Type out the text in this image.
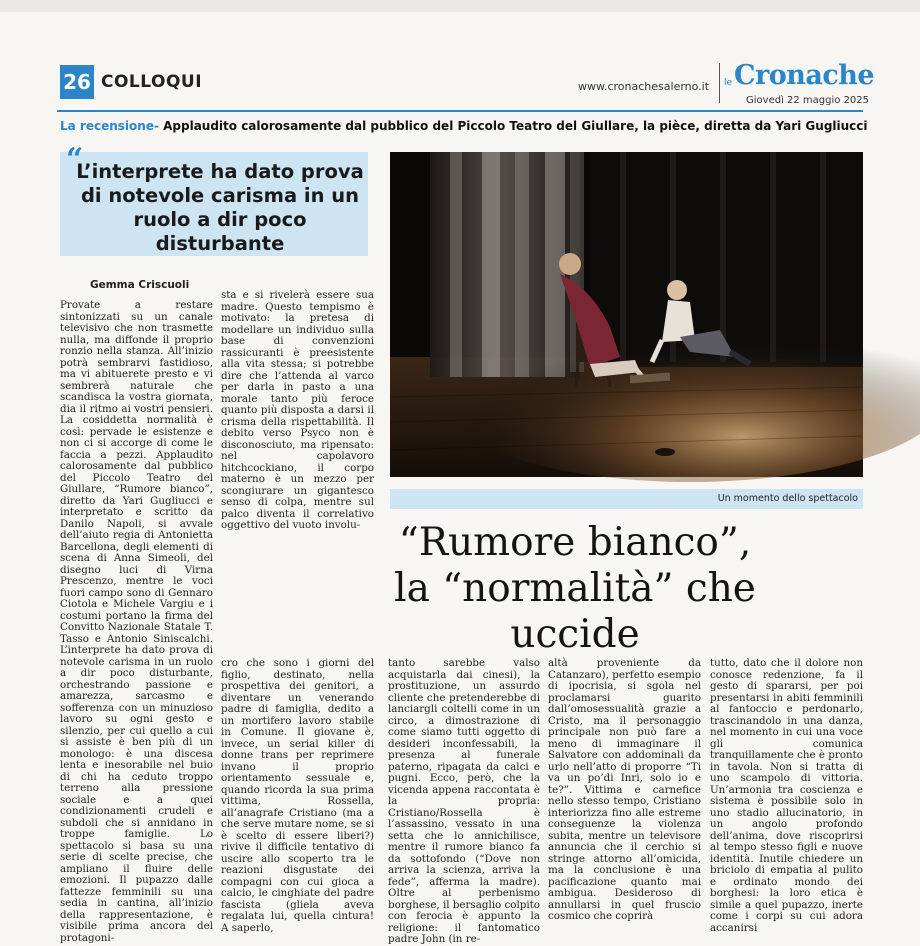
26 COLLOQUI	www.cronachesalerno.it le Cronache
Giovedì 22 maggio 2025
La recensione- Applaudito calorosamente dal pubblico del Piccolo Teatro del Giullare, la pièce, diretta da Yari Gugliucci
“
L’interprete ha dato prova di notevole carisma in un ruolo a dir poco disturbante
Un momento dello spettacolo
“Rumore bianco”,
la “normalità” che uccide
Gemma Criscuoli
Provate a restare sintonizzati su un canale televisivo che non trasmette nulla, ma diffonde il proprio ronzio nella stanza. All’inizio potrà sembrarvi fastidioso, ma vi abituerete presto e vi sembrerà naturale che scandisca la vostra giornata, dia il ritmo ai vostri pensieri. La cosiddetta normalità è così: pervade le esistenze e non ci si accorge di come le faccia a pezzi. Applaudito calorosamente dal pubblico del Piccolo Teatro del Giullare, “Rumore bianco”, diretto da Yari Gugliucci e interpretato e scritto da Danilo Napoli, si avvale dell’aiuto regia di Antonietta Barcellona, degli elementi di scena di Anna Simeoli, del disegno luci di Virna Prescenzo, mentre le voci fuori campo sono di Gennaro Ciotola e Michele Vargiu e i costumi portano la firma del Convitto Nazionale Statale T. Tasso e Antonio Siniscalchi. L’interprete ha dato prova di notevole carisma in un ruolo a dir poco disturbante, orchestrando passione e amarezza, sarcasmo e sofferenza con un minuzioso lavoro su ogni gesto e silenzio, per cui quello a cui si assiste è ben più di un monologo: è una discesa lenta e inesorabile nel buio di chi ha ceduto troppo terreno alla pressione sociale e a quei condizionamenti crudeli e subdoli che si annidano in troppe famiglie. Lo spettacolo si basa su una serie di scelte precise, che ampliano il fluire delle emozioni. Il pupazzo dalle fattezze femminili su una sedia in cantina, all’inizio della rappresentazione, è visibile prima ancora del protagoni-
sta e si rivelerà essere sua madre. Questo tempismo è motivato: la pretesa di modellare un individuo sulla base di convenzioni rassicuranti è preesistente alla vita stessa; si potrebbe dire che l’attenda al varco per darla in pasto a una morale tanto più feroce quanto più disposta a darsi il crisma della rispettabilità. Il debito verso Psyco non è disconosciuto, ma ripensato: nel capolavoro hitchcockiano, il corpo materno è un mezzo per scongiurare un gigantesco senso di colpa, mentre sul palco diventa il correlativo oggettivo del vuoto involu-
cro che sono i giorni del figlio, destinato, nella prospettiva dei genitori, a diventare un venerando padre di famiglia, dedito a un mortifero lavoro stabile in Comune. Il giovane è, invece, un serial killer di donne trans per reprimere invano il proprio orientamento sessuale e, quando ricorda la sua prima vittima, Rossella, all’anagrafe Cristiano (ma a che serve mutare nome, se si è scelto di essere liberi?) rivive il difficile tentativo di uscire allo scoperto tra le reazioni disgustate dei compagni con cui gioca a calcio, le cinghiate del padre fascista (gliela aveva regalata lui, quella cintura! A saperlo,
tanto sarebbe valso acquistarla dai cinesi), la prostituzione, un assurdo cliente che pretenderebbe di lanciargli coltelli come in un circo, a dimostrazione di come siamo tutti oggetto di desideri inconfessabili, la presenza al funerale paterno, ripagata da calci e pugni. Ecco, però, che la vicenda appena raccontata è la propria: Cristiano/Rossella è l’assassino, vessato in una setta che lo annichilisce, mentre il rumore bianco fa da sottofondo (“Dove non arriva la scienza, arriva la fede”, afferma la madre). Oltre al perbenismo borghese, il bersaglio colpito con ferocia è appunto la religione: il fantomatico padre John (in re-
altà proveniente da Catanzaro), perfetto esempio di ipocrisia, si sgola nel proclamarsi guarito dall’omosessualità grazie a Cristo, ma il personaggio principale non può fare a meno di immaginare il Salvatore con addominali da urlo nell’atto di proporre “Ti va un po’di Inri, solo io e te?”. Vittima e carnefice nello stesso tempo, Cristiano interiorizza fino alle estreme conseguenze la violenza subita, mentre un televisore annuncia che il cerchio si stringe attorno all’omicida, ma la conclusione è una pacificazione quanto mai ambigua. Desideroso di annullarsi in quel fruscio cosmico che coprirà
tutto, dato che il dolore non conosce redenzione, fa il gesto di spararsi, per poi presentarsi in abiti femminili al fantoccio e perdonarlo, trascinandolo in una danza, nel momento in cui una voce gli comunica tranquillamente che è pronto in tavola. Non si tratta di uno scampolo di vittoria. Un’armonia tra coscienza e sistema è possibile solo in uno stadio allucinatorio, in un angolo profondo dell’anima, dove riscoprirsi al tempo stesso figli e nuove identità. Inutile chiedere un briciolo di empatia al pulito e ordinato mondo dei borghesi: la loro etica è simile a quel pupazzo, inerte come i corpi su cui adora accanirsi
